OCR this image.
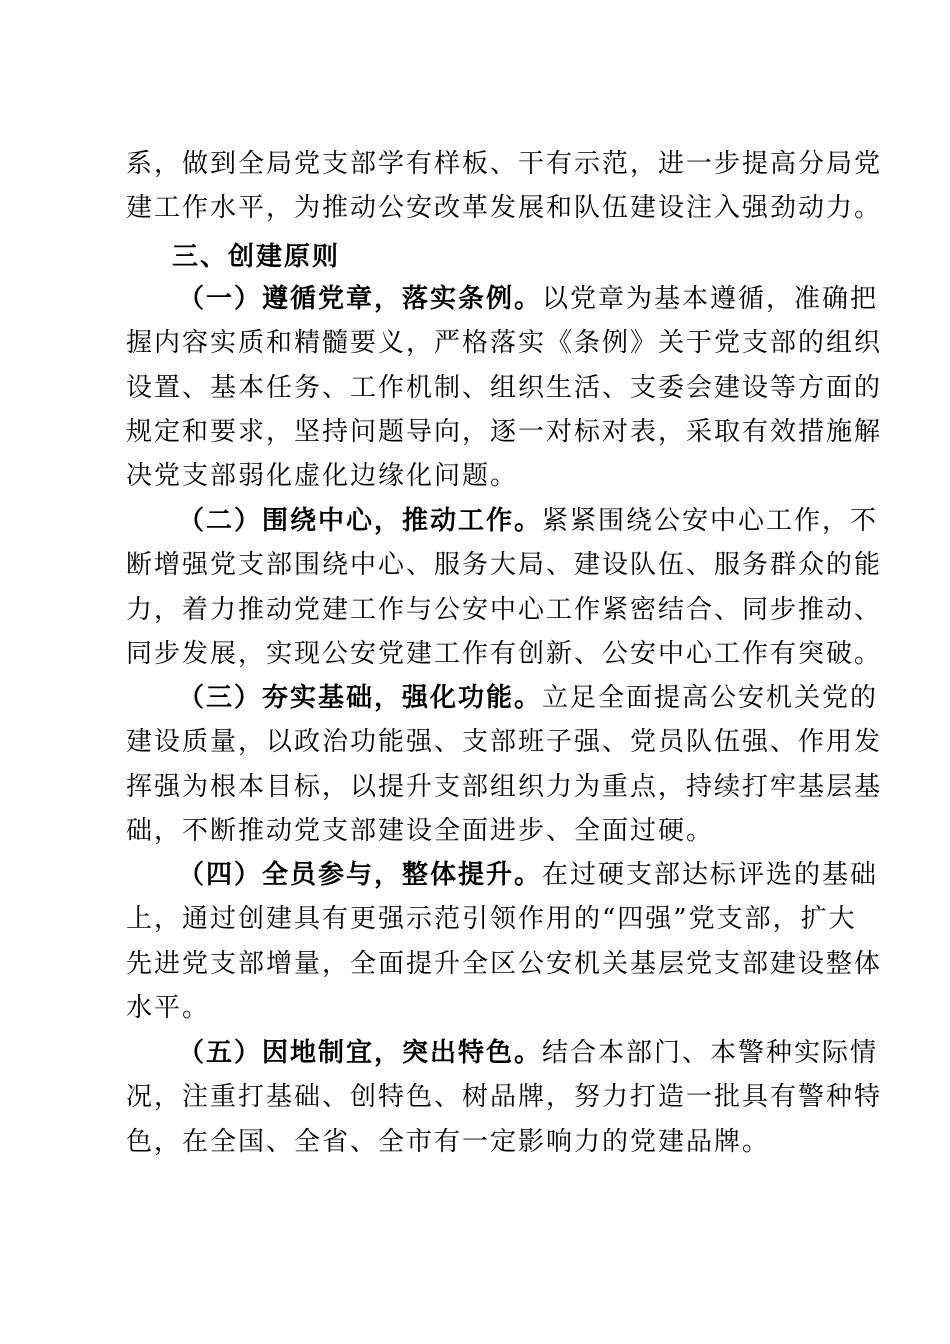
系，做到全局党支部学有样板、干有示范，进一步提高分局党
建工作水平，为推动公安改革发展和队伍建设注入强劲动力。
三、创建原则
（一）遵循党章，落实条例。以党章为基本遵循，准确把
握内容实质和精髓要义，严格落实《条例》关于党支部的组织
设置、基本任务、工作机制、组织生活、支委会建设等方面的
规定和要求，坚持问题导向，逐一对标对表，采取有效措施解
决党支部弱化虚化边缘化问题。
（二）围绕中心，推动工作。紧紧围绕公安中心工作，不
断增强党支部围绕中心、服务大局、建设队伍、服务群众的能
力，着力推动党建工作与公安中心工作紧密结合、同步推动、
同步发展，实现公安党建工作有创新、公安中心工作有突破。
（三）夯实基础，强化功能。立足全面提高公安机关党的
建设质量，以政治功能强、支部班子强、党员队伍强、作用发
挥强为根本目标，以提升支部组织力为重点，持续打牢基层基
础，不断推动党支部建设全面进步、全面过硬。
（四）全员参与，整体提升。在过硬支部达标评选的基础
上，通过创建具有更强示范引领作用的“四强”党支部，扩大
先进党支部增量，全面提升全区公安机关基层党支部建设整体
水平。
（五）因地制宜，突出特色。结合本部门、本警种实际情
况，注重打基础、创特色、树品牌，努力打造一批具有警种特
色，在全国、全省、全市有一定影响力的党建品牌。
